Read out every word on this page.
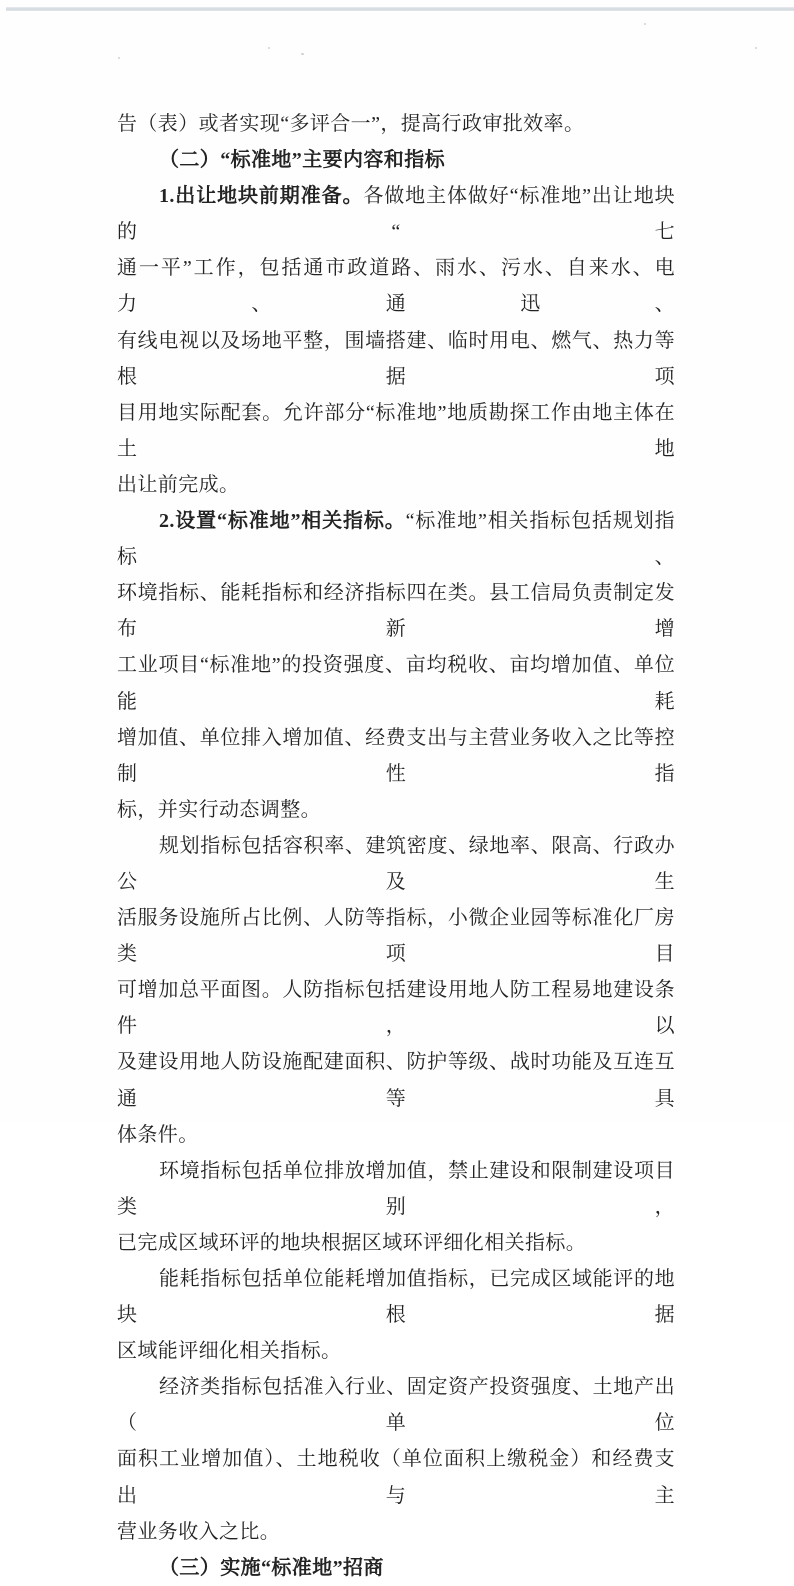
告（表）或者实现“多评合一”，提高行政审批效率。
（二）“标准地”主要内容和指标
1.出让地块前期准备。各做地主体做好“标准地”出让地块的“七
通一平”工作，包括通市政道路、雨水、污水、自来水、电力、通迅、
有线电视以及场地平整，围墙搭建、临时用电、燃气、热力等根据项
目用地实际配套。允许部分“标准地”地质勘探工作由地主体在土地
出让前完成。
2.设置“标准地”相关指标。“标准地”相关指标包括规划指标、
环境指标、能耗指标和经济指标四在类。县工信局负责制定发布新增
工业项目“标准地”的投资强度、亩均税收、亩均增加值、单位能耗
增加值、单位排入增加值、经费支出与主营业务收入之比等控制性指
标，并实行动态调整。
规划指标包括容积率、建筑密度、绿地率、限高、行政办公及生
活服务设施所占比例、人防等指标，小微企业园等标准化厂房类项目
可增加总平面图。人防指标包括建设用地人防工程易地建设条件，以
及建设用地人防设施配建面积、防护等级、战时功能及互连互通等具
体条件。
环境指标包括单位排放增加值，禁止建设和限制建设项目类别，
已完成区域环评的地块根据区域环评细化相关指标。
能耗指标包括单位能耗增加值指标，已完成区域能评的地块根据
区域能评细化相关指标。
经济类指标包括准入行业、固定资产投资强度、土地产出（单位
面积工业增加值）、土地税收（单位面积上缴税金）和经费支出与主
营业务收入之比。
（三）实施“标准地”招商
